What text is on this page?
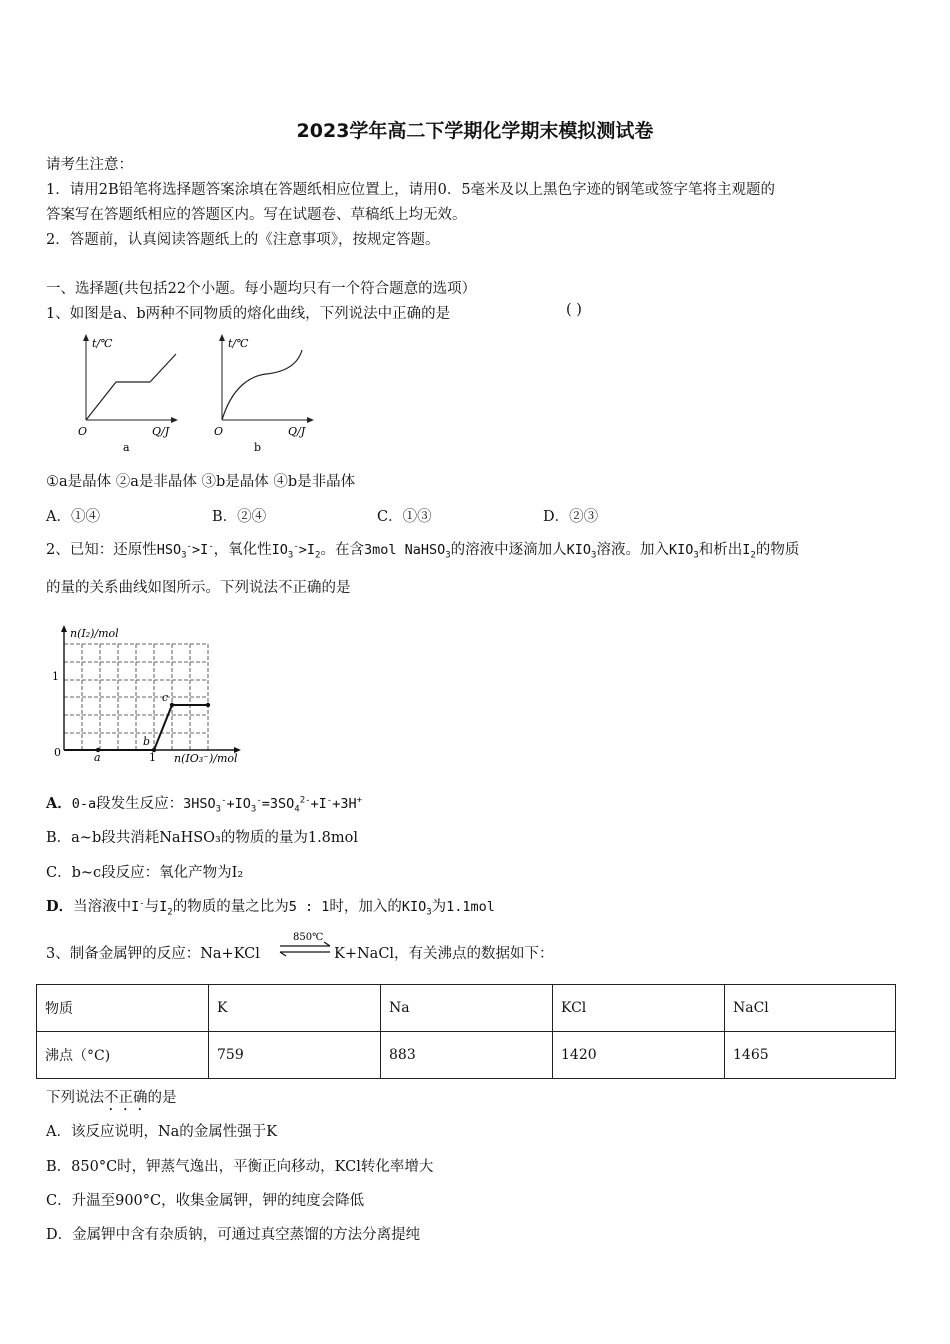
2023学年高二下学期化学期末模拟测试卷
请考生注意：
1．请用2B铅笔将选择题答案涂填在答题纸相应位置上，请用0．5毫米及以上黑色字迹的钢笔或签字笔将主观题的
答案写在答题纸相应的答题区内。写在试题卷、草稿纸上均无效。
2．答题前，认真阅读答题纸上的《注意事项》，按规定答题。
一、选择题(共包括22个小题。每小题均只有一个符合题意的选项）
1、如图是a、b两种不同物质的熔化曲线，下列说法中正确的是	( )
t/℃
Q/J
O
a
t/℃
Q/J
O
b
①a是晶体 ②a是非晶体 ③b是晶体 ④b是非晶体
A．①④	B．②④	C．①③	D．②③
2、已知：还原性$HSO_3^->I^-$，氧化性$IO_3^->I_2$。在含3mol NaHSO$_3$的溶液中逐滴加人$KIO_3$溶液。加入$KIO_3$和析出$I_2$的物质
的量的关系曲线如图所示。下列说法不正确的是
n(I₂)/mol
1
0	a
b
1
c
n(IO₃⁻)/mol
A．0-a段发生反应：$3HSO_3^-+IO_3^-=3SO_4^{2-}+I^-+3H^+$
B．a~b段共消耗NaHSO₃的物质的量为1.8mol
C．b~c段反应：氧化产物为I₂
D．当溶液中I-与$I_2$的物质的量之比为5 : 1时，加入的$KIO_3$为1.1mol
3、制备金属钾的反应：Na+KCl
850℃
K+NaCl，有关沸点的数据如下：
物质	K	Na	KCl	NaCl
沸点（°C)	759	883	1420	1465
下列说法不正确的是
A．该反应说明，Na的金属性强于K
B．850°C时，钾蒸气逸出，平衡正向移动，KCl转化率增大
C．升温至900°C，收集金属钾，钾的纯度会降低
D．金属钾中含有杂质钠，可通过真空蒸馏的方法分离提纯
